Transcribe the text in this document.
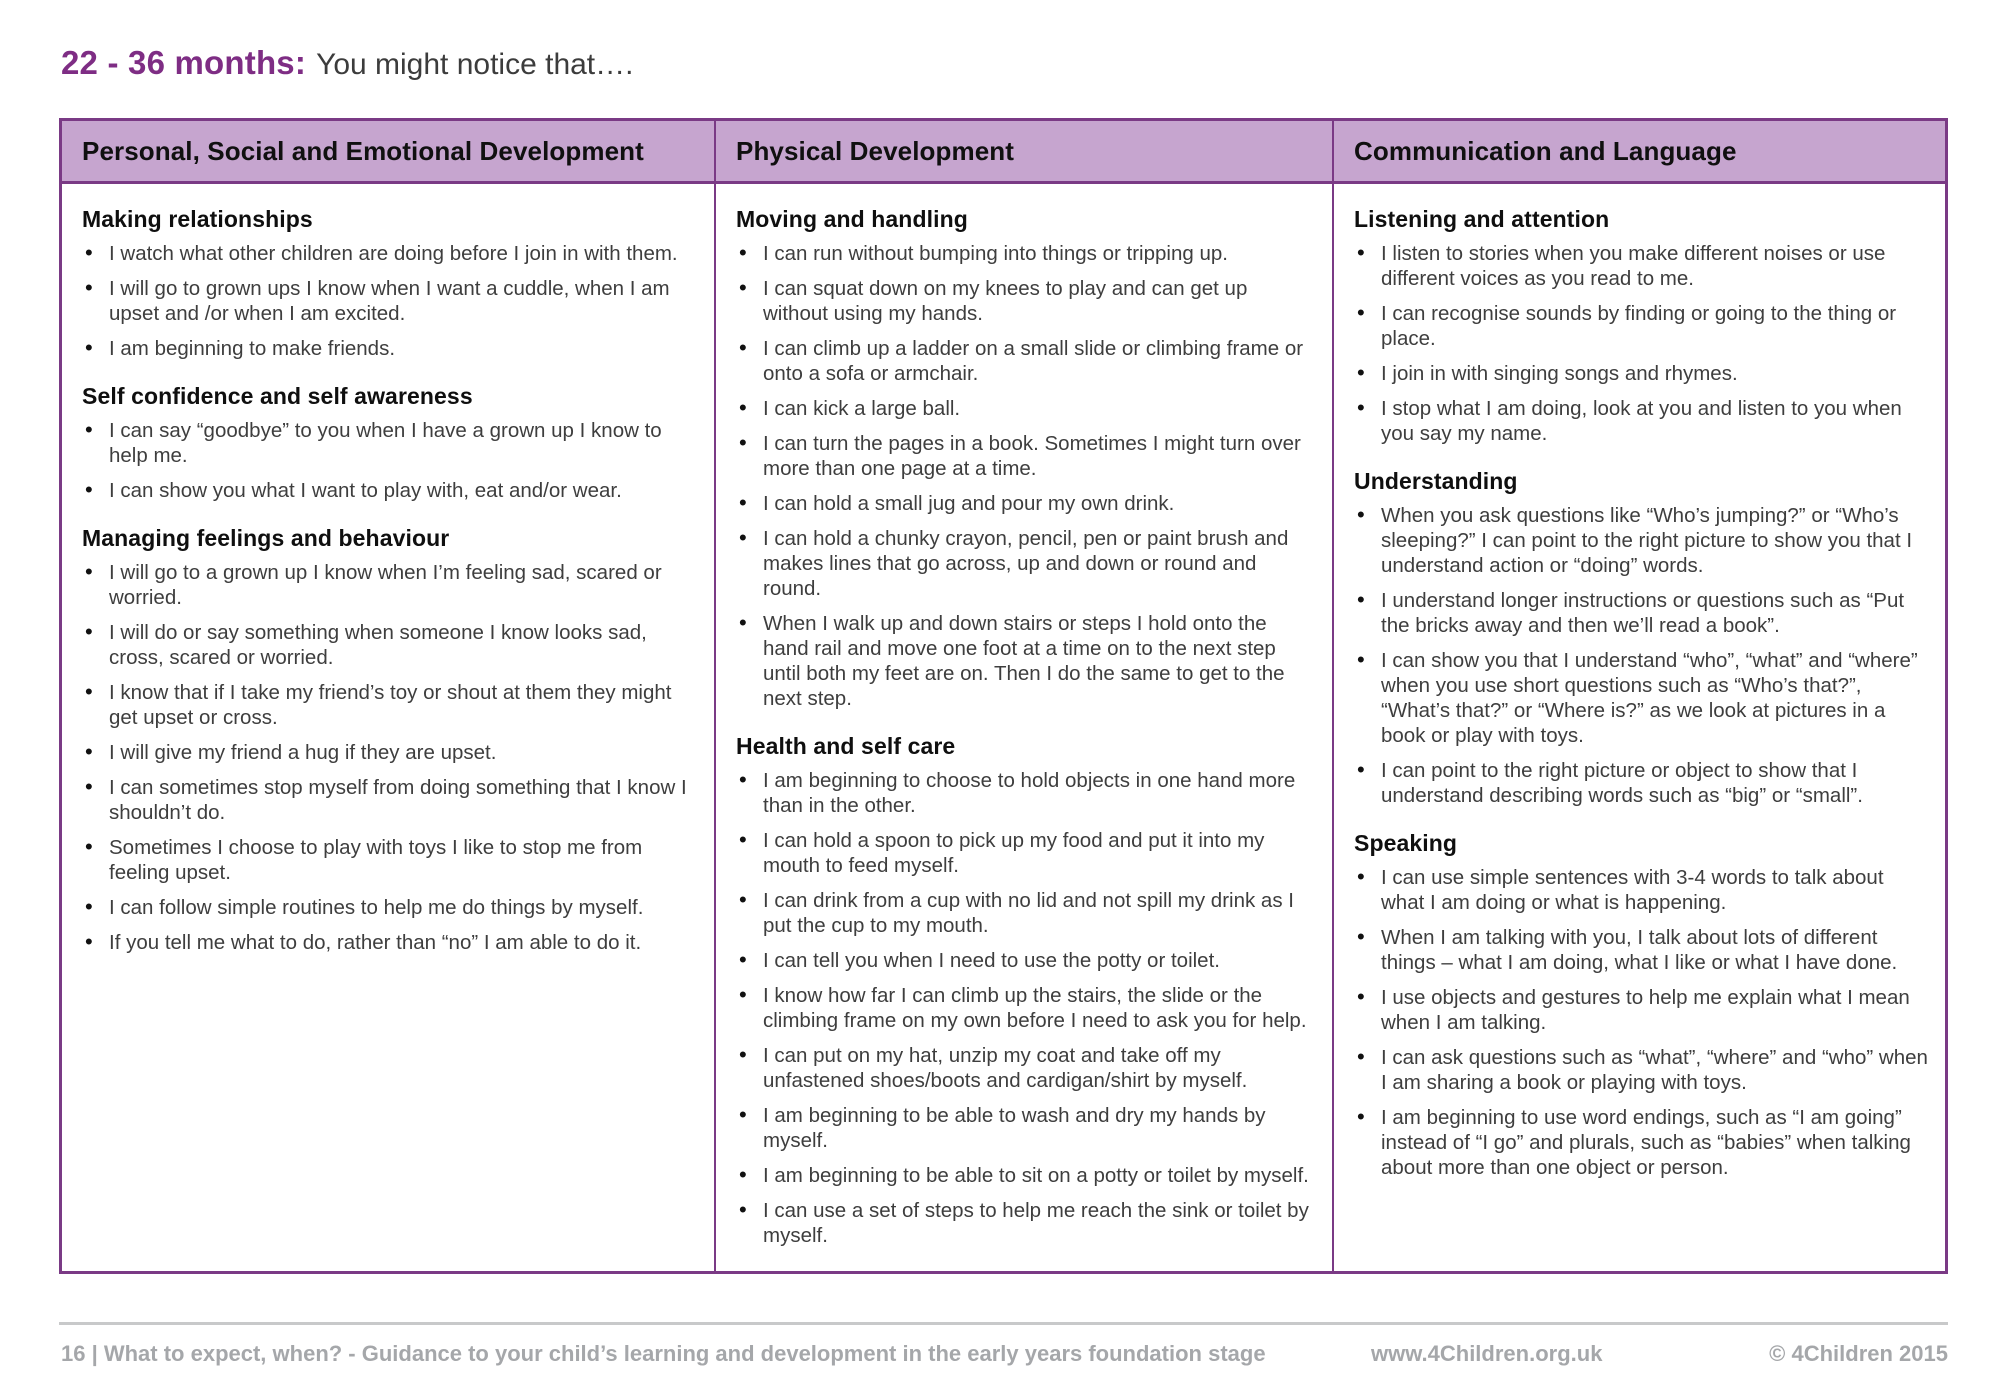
22 - 36 months: You might notice that….
Personal, Social and Emotional Development
Making relationships
• I watch what other children are doing before I join in with them.
• I will go to grown ups I know when I want a cuddle, when I am upset and /or when I am excited.
• I am beginning to make friends.
Self confidence and self awareness
• I can say “goodbye” to you when I have a grown up I know to help me.
• I can show you what I want to play with, eat and/or wear.
Managing feelings and behaviour
• I will go to a grown up I know when I’m feeling sad, scared or worried.
• I will do or say something when someone I know looks sad, cross, scared or worried.
• I know that if I take my friend’s toy or shout at them they might get upset or cross.
• I will give my friend a hug if they are upset.
• I can sometimes stop myself from doing something that I know I shouldn’t do.
• Sometimes I choose to play with toys I like to stop me from feeling upset.
• I can follow simple routines to help me do things by myself.
• If you tell me what to do, rather than “no” I am able to do it.
Physical Development
Moving and handling
• I can run without bumping into things or tripping up.
• I can squat down on my knees to play and can get up without using my hands.
• I can climb up a ladder on a small slide or climbing frame or onto a sofa or armchair.
• I can kick a large ball.
• I can turn the pages in a book. Sometimes I might turn over more than one page at a time.
• I can hold a small jug and pour my own drink.
• I can hold a chunky crayon, pencil, pen or paint brush and makes lines that go across, up and down or round and round.
• When I walk up and down stairs or steps I hold onto the hand rail and move one foot at a time on to the next step until both my feet are on. Then I do the same to get to the next step.
Health and self care
• I am beginning to choose to hold objects in one hand more than in the other.
• I can hold a spoon to pick up my food and put it into my mouth to feed myself.
• I can drink from a cup with no lid and not spill my drink as I put the cup to my mouth.
• I can tell you when I need to use the potty or toilet.
• I know how far I can climb up the stairs, the slide or the climbing frame on my own before I need to ask you for help.
• I can put on my hat, unzip my coat and take off my unfastened shoes/boots and cardigan/shirt by myself.
• I am beginning to be able to wash and dry my hands by myself.
• I am beginning to be able to sit on a potty or toilet by myself.
• I can use a set of steps to help me reach the sink or toilet by myself.
Communication and Language
Listening and attention
• I listen to stories when you make different noises or use different voices as you read to me.
• I can recognise sounds by finding or going to the thing or place.
• I join in with singing songs and rhymes.
• I stop what I am doing, look at you and listen to you when you say my name.
Understanding
• When you ask questions like “Who’s jumping?” or “Who’s sleeping?” I can point to the right picture to show you that I understand action or “doing” words.
• I understand longer instructions or questions such as “Put the bricks away and then we’ll read a book”.
• I can show you that I understand “who”, “what” and “where” when you use short questions such as “Who’s that?”, “What’s that?” or “Where is?” as we look at pictures in a book or play with toys.
• I can point to the right picture or object to show that I understand describing words such as “big” or “small”.
Speaking
• I can use simple sentences with 3-4 words to talk about what I am doing or what is happening.
• When I am talking with you, I talk about lots of different things – what I am doing, what I like or what I have done.
• I use objects and gestures to help me explain what I mean when I am talking.
• I can ask questions such as “what”, “where” and “who” when I am sharing a book or playing with toys.
• I am beginning to use word endings, such as “I am going” instead of “I go” and plurals, such as “babies” when talking about more than one object or person.
16 | What to expect, when? - Guidance to your child’s learning and development in the early years foundation stage	www.4Children.org.uk	© 4Children 2015
